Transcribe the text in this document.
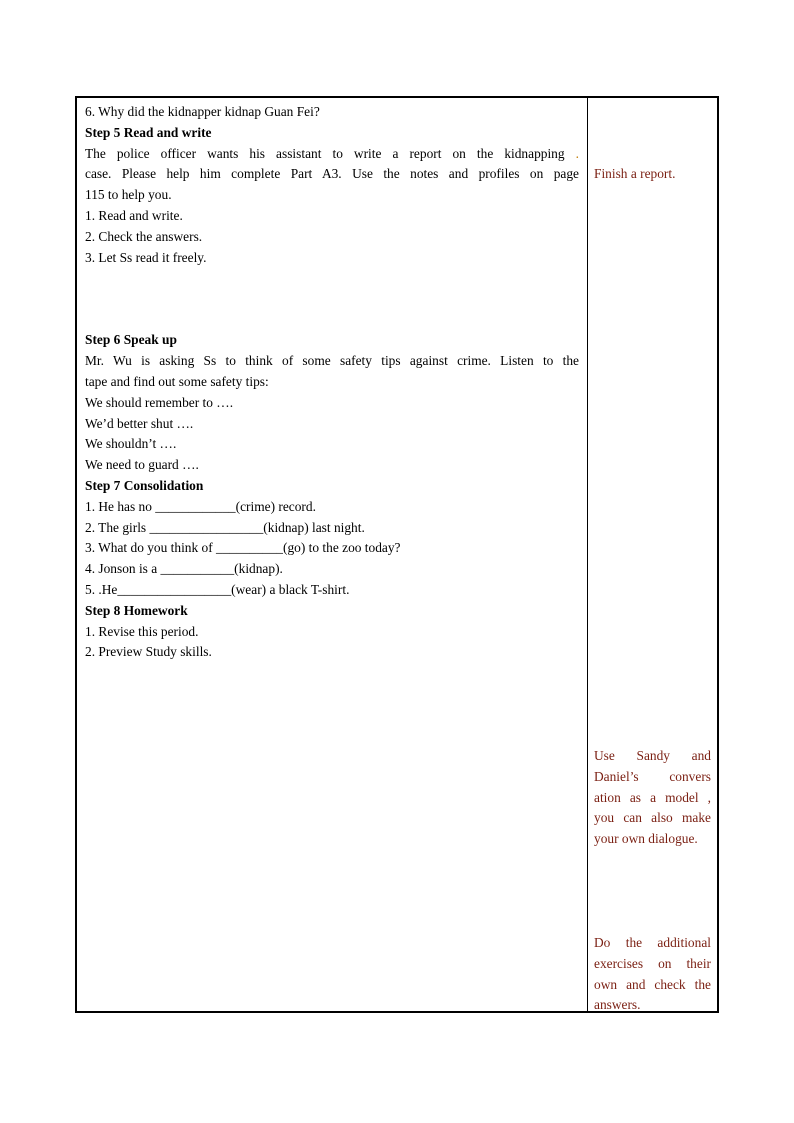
6. Why did the kidnapper kidnap Guan Fei?
Step 5 Read and write
The police officer wants his assistant to write a report on the kidnapping .
case. Please help him complete Part A3. Use the notes and profiles on page
115 to help you.
1. Read and write.
2. Check the answers.
3. Let Ss read it freely.
Step 6 Speak up
Mr. Wu is asking Ss to think of some safety tips against crime. Listen to the
tape and find out some safety tips:
We should remember to ….
We’d better shut ….
We shouldn’t ….
We need to guard ….
Step 7 Consolidation
1. He has no ____________(crime) record.
2. The girls _________________(kidnap) last night.
3. What do you think of __________(go) to the zoo today?
4. Jonson is a ___________(kidnap).
5. .He_________________(wear) a black T-shirt.
Step 8 Homework
1. Revise this period.
2. Preview Study skills.

Finish a report.

Use Sandy and Daniel’s convers ation as a model , you can also make your own dialogue.

Do the additional exercises on their own and check the answers.
